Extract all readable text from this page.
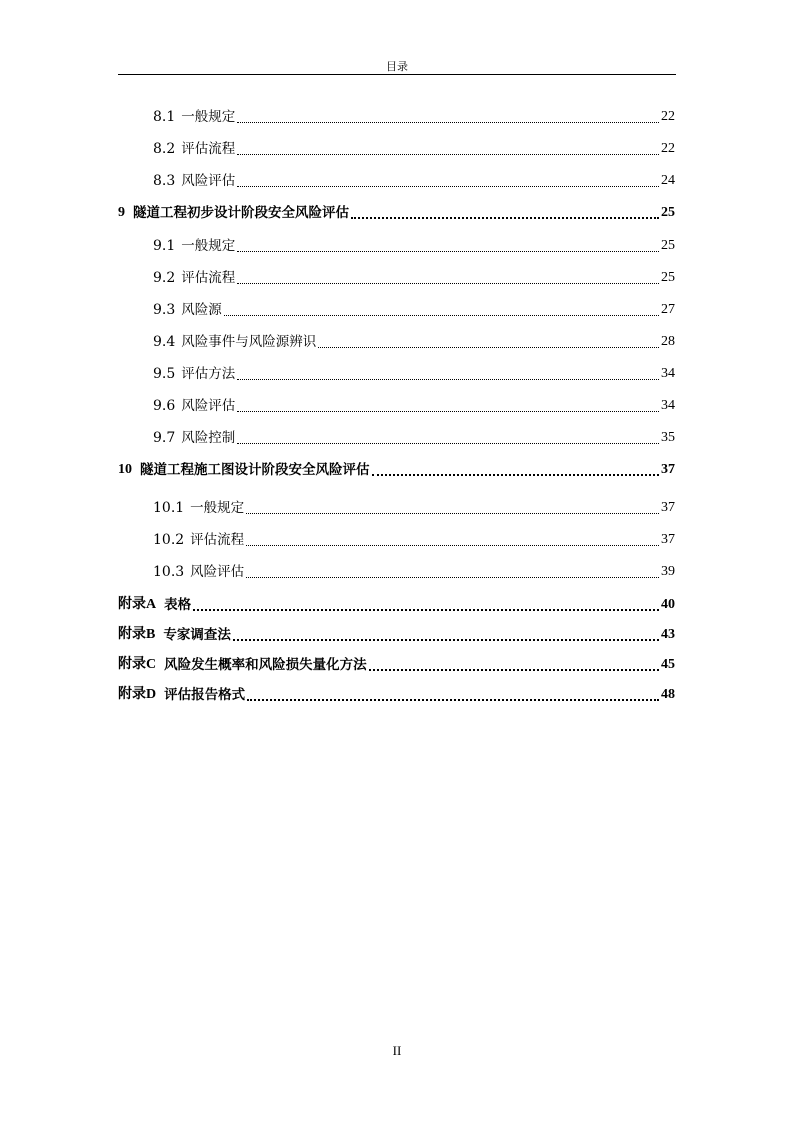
目录
8.1 一般规定	22
8.2 评估流程	22
8.3 风险评估	24
9 隧道工程初步设计阶段安全风险评估	25
9.1 一般规定	25
9.2 评估流程	25
9.3 风险源	27
9.4 风险事件与风险源辨识	28
9.5 评估方法	34
9.6 风险评估	34
9.7 风险控制	35
10 隧道工程施工图设计阶段安全风险评估	37
10.1 一般规定	37
10.2 评估流程	37
10.3 风险评估	39
附录A 表格	40
附录B 专家调查法	43
附录C 风险发生概率和风险损失量化方法	45
附录D 评估报告格式	48
II
